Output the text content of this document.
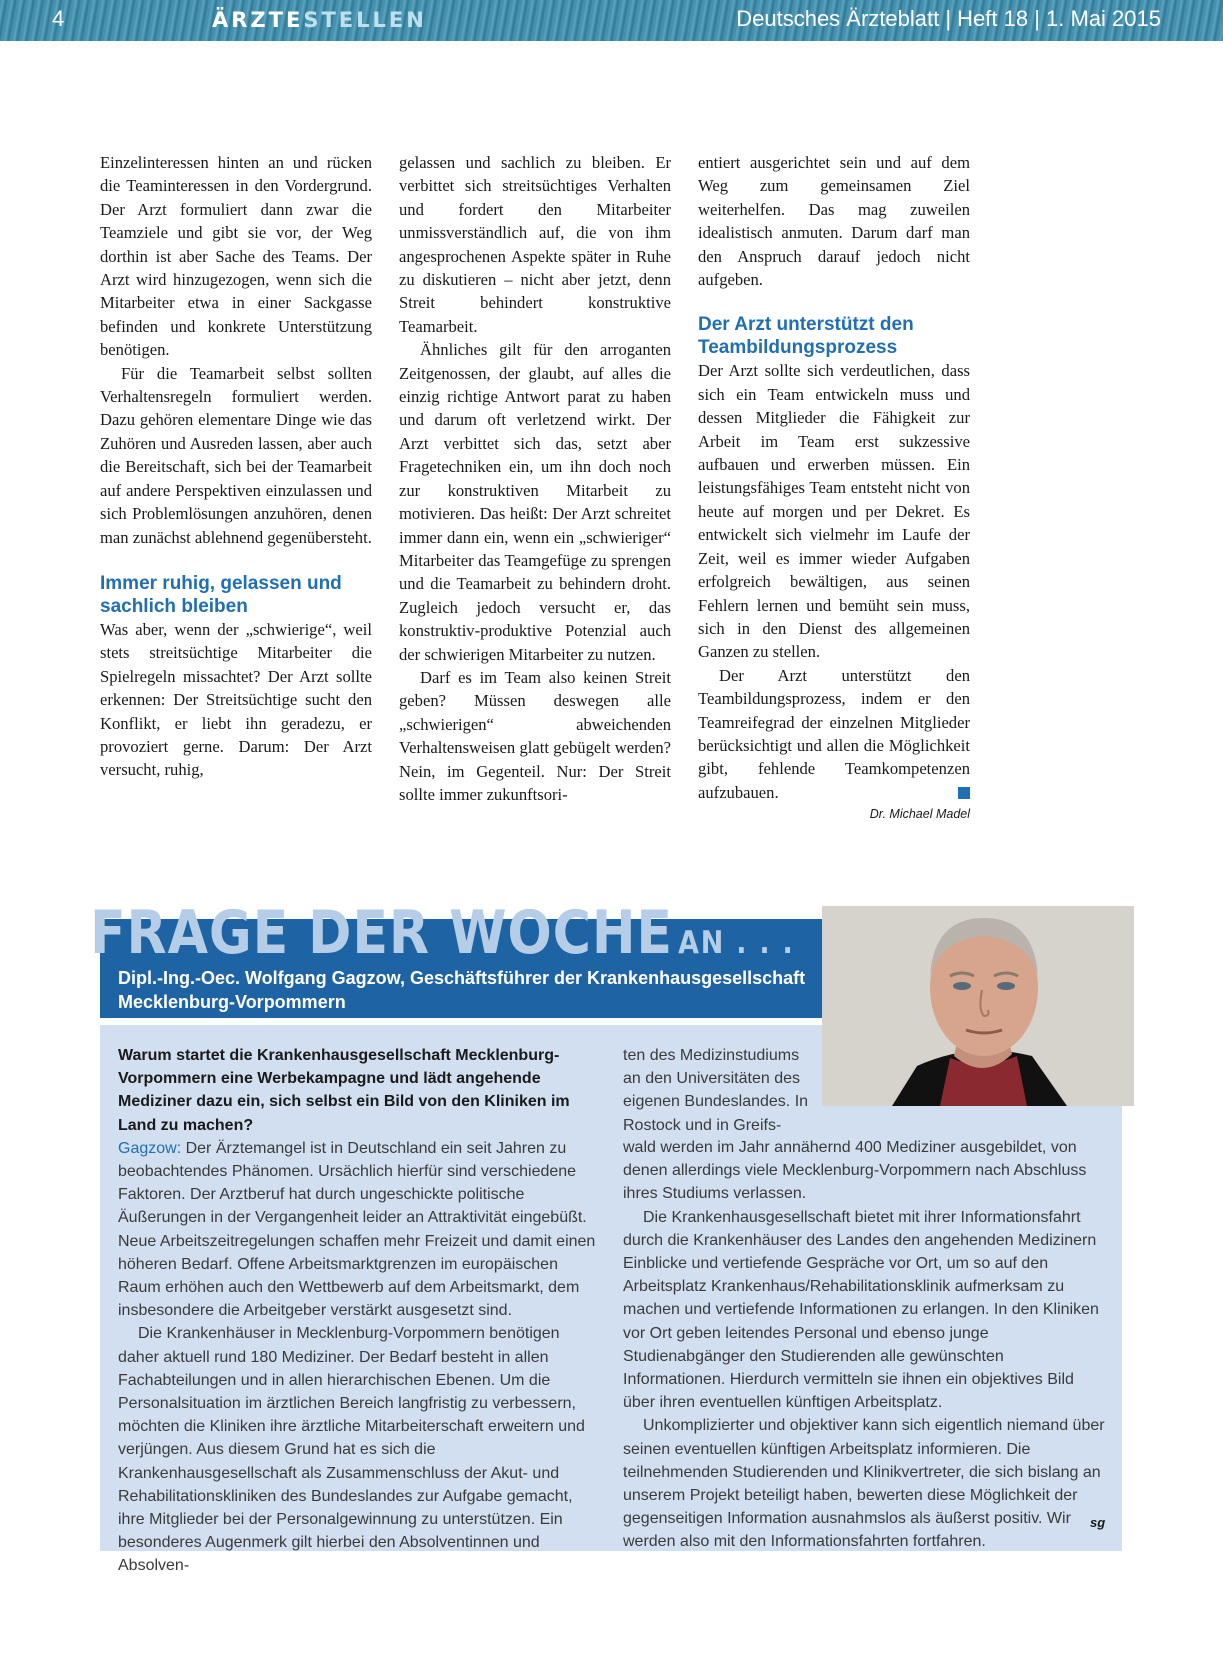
4	ÄRZTESTELLEN	Deutsches Ärzteblatt | Heft 18 | 1. Mai 2015

Einzelinteressen hinten an und rücken die Teaminteressen in den Vordergrund. Der Arzt formuliert dann zwar die Teamziele und gibt sie vor, der Weg dorthin ist aber Sache des Teams. Der Arzt wird hinzugezogen, wenn sich die Mitarbeiter etwa in einer Sackgasse befinden und konkrete Unterstützung benötigen.

Für die Teamarbeit selbst sollten Verhaltensregeln formuliert werden. Dazu gehören elementare Dinge wie das Zuhören und Ausreden lassen, aber auch die Bereitschaft, sich bei der Teamarbeit auf andere Perspektiven einzulassen und sich Problemlösungen anzuhören, denen man zunächst ablehnend gegenübersteht.

Immer ruhig, gelassen und sachlich bleiben

Was aber, wenn der „schwierige“, weil stets streitsüchtige Mitarbeiter die Spielregeln missachtet? Der Arzt sollte erkennen: Der Streitsüchtige sucht den Konflikt, er liebt ihn geradezu, er provoziert gerne. Darum: Der Arzt versucht, ruhig,

gelassen und sachlich zu bleiben. Er verbittet sich streitsüchtiges Verhalten und fordert den Mitarbeiter unmissverständlich auf, die von ihm angesprochenen Aspekte später in Ruhe zu diskutieren – nicht aber jetzt, denn Streit behindert konstruktive Teamarbeit.

Ähnliches gilt für den arroganten Zeitgenossen, der glaubt, auf alles die einzig richtige Antwort parat zu haben und darum oft verletzend wirkt. Der Arzt verbittet sich das, setzt aber Fragetechniken ein, um ihn doch noch zur konstruktiven Mitarbeit zu motivieren. Das heißt: Der Arzt schreitet immer dann ein, wenn ein „schwieriger“ Mitarbeiter das Teamgefüge zu sprengen und die Teamarbeit zu behindern droht. Zugleich jedoch versucht er, das konstruktiv-produktive Potenzial auch der schwierigen Mitarbeiter zu nutzen.

Darf es im Team also keinen Streit geben? Müssen deswegen alle „schwierigen“ abweichenden Verhaltensweisen glatt gebügelt werden? Nein, im Gegenteil. Nur: Der Streit sollte immer zukunftsori-

entiert ausgerichtet sein und auf dem Weg zum gemeinsamen Ziel weiterhelfen. Das mag zuweilen idealistisch anmuten. Darum darf man den Anspruch darauf jedoch nicht aufgeben.

Der Arzt unterstützt den Teambildungsprozess

Der Arzt sollte sich verdeutlichen, dass sich ein Team entwickeln muss und dessen Mitglieder die Fähigkeit zur Arbeit im Team erst sukzessive aufbauen und erwerben müssen. Ein leistungsfähiges Team entsteht nicht von heute auf morgen und per Dekret. Es entwickelt sich vielmehr im Laufe der Zeit, weil es immer wieder Aufgaben erfolgreich bewältigen, aus seinen Fehlern lernen und bemüht sein muss, sich in den Dienst des allgemeinen Ganzen zu stellen.

Der Arzt unterstützt den Teambildungsprozess, indem er den Teamreifegrad der einzelnen Mitglieder berücksichtigt und allen die Möglichkeit gibt, fehlende Teamkompetenzen aufzubauen.

Dr. Michael Madel
FRAGE DER WOCHE AN . . .
Dipl.-Ing.-Oec. Wolfgang Gagzow, Geschäftsführer der Krankenhausgesellschaft Mecklenburg-Vorpommern

Warum startet die Krankenhausgesellschaft Mecklenburg-Vorpommern eine Werbekampagne und lädt angehende Mediziner dazu ein, sich selbst ein Bild von den Kliniken im Land zu machen?

Gagzow: Der Ärztemangel ist in Deutschland ein seit Jahren zu beobachtendes Phänomen. Ursächlich hierfür sind verschiedene Faktoren. Der Arztberuf hat durch ungeschickte politische Äußerungen in der Vergangenheit leider an Attraktivität eingebüßt. Neue Arbeitszeitregelungen schaffen mehr Freizeit und damit einen höheren Bedarf. Offene Arbeitsmarktgrenzen im europäischen Raum erhöhen auch den Wettbewerb auf dem Arbeitsmarkt, dem insbesondere die Arbeitgeber verstärkt ausgesetzt sind.

Die Krankenhäuser in Mecklenburg-Vorpommern benötigen daher aktuell rund 180 Mediziner. Der Bedarf besteht in allen Fachabteilungen und in allen hierarchischen Ebenen. Um die Personalsituation im ärztlichen Bereich langfristig zu verbessern, möchten die Kliniken ihre ärztliche Mitarbeiterschaft erweitern und verjüngen. Aus diesem Grund hat es sich die Krankenhausgesellschaft als Zusammenschluss der Akut- und Rehabilitationskliniken des Bundeslandes zur Aufgabe gemacht, ihre Mitglieder bei der Personalgewinnung zu unterstützen. Ein besonderes Augenmerk gilt hierbei den Absolventinnen und Absolven-

ten des Medizinstudiums an den Universitäten des eigenen Bundeslandes. In Rostock und in Greifs-

wald werden im Jahr annähernd 400 Mediziner ausgebildet, von denen allerdings viele Mecklenburg-Vorpommern nach Abschluss ihres Studiums verlassen.

Die Krankenhausgesellschaft bietet mit ihrer Informationsfahrt durch die Krankenhäuser des Landes den angehenden Medizinern Einblicke und vertiefende Gespräche vor Ort, um so auf den Arbeitsplatz Krankenhaus/Rehabilitationsklinik aufmerksam zu machen und vertiefende Informationen zu erlangen. In den Kliniken vor Ort geben leitendes Personal und ebenso junge Studienabgänger den Studierenden alle gewünschten Informationen. Hierdurch vermitteln sie ihnen ein objektives Bild über ihren eventuellen künftigen Arbeitsplatz.

Unkomplizierter und objektiver kann sich eigentlich niemand über seinen eventuellen künftigen Arbeitsplatz informieren. Die teilnehmenden Studierenden und Klinikvertreter, die sich bislang an unserem Projekt beteiligt haben, bewerten diese Möglichkeit der gegenseitigen Information ausnahmslos als äußerst positiv. Wir werden also mit den Informationsfahrten fortfahren.

sg
